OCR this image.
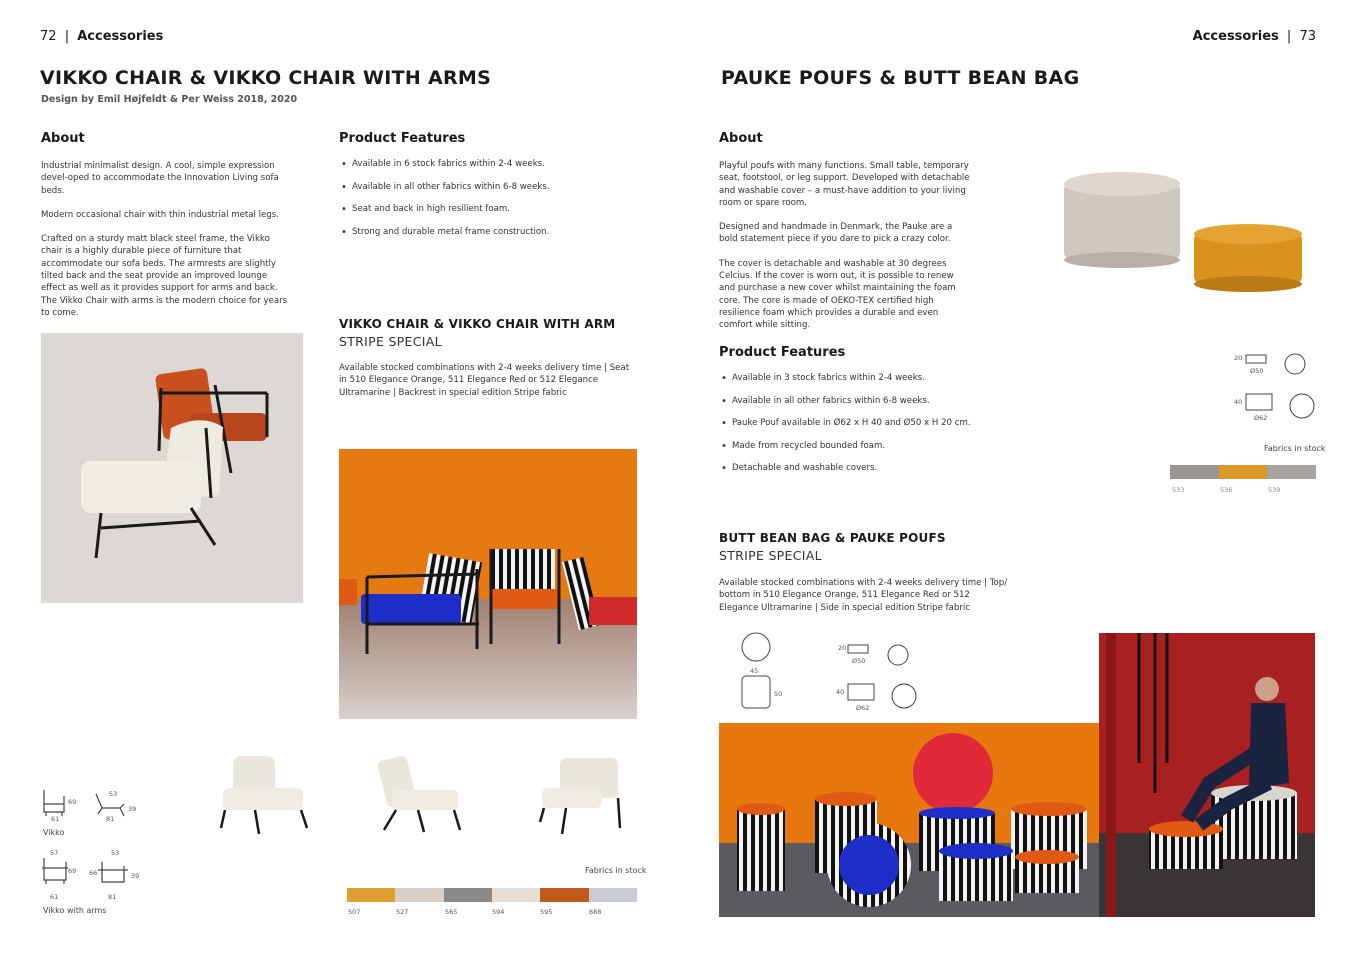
72 | Accessories
VIKKO CHAIR & VIKKO CHAIR WITH ARMS
Design by Emil Højfeldt & Per Weiss 2018, 2020
About

Industrial minimalist design. A cool, simple expression devel-oped to accommodate the Innovation Living sofa beds.

Modern occasional chair with thin industrial metal legs.

Crafted on a sturdy matt black steel frame, the Vikko chair is a highly durable piece of furniture that accommodate our sofa beds. The armrests are slightly tilted back and the seat provide an improved lounge effect as well as it provides support for arms and back. The Vikko Chair with arms is the modern choice for years to come.

Product Features
• Available in 6 stock fabrics within 2-4 weeks.
• Available in all other fabrics within 6-8 weeks.
• Seat and back in high resilient foam.
• Strong and durable metal frame construction.
VIKKO CHAIR & VIKKO CHAIR WITH ARM
STRIPE SPECIAL
Available stocked combinations with 2-4 weeks delivery time | Seat in 510 Elegance Orange, 511 Elegance Red or 512 Elegance Ultramarine | Backrest in special edition Stripe fabric
69
61
53
39
81
Vikko
57
69
61
53
66	39
81
Vikko with arms
Fabrics in stock
507	527	565	594	595	688
Accessories | 73
PAUKE POUFS & BUTT BEAN BAG
About

Playful poufs with many functions. Small table, temporary seat, footstool, or leg support. Developed with detachable and washable cover – a must-have addition to your living room or spare room.

Designed and handmade in Denmark, the Pauke are a bold statement piece if you dare to pick a crazy color.

The cover is detachable and washable at 30 degrees Celcius. If the cover is worn out, it is possible to renew and purchase a new cover whilst maintaining the foam core. The core is made of OEKO-TEX certified high resilience foam which provides a durable and even comfort while sitting.

Product Features
• Available in 3 stock fabrics within 2-4 weeks.
• Available in all other fabrics within 6-8 weeks.
• Pauke Pouf available in Ø62 x H 40 and Ø50 x H 20 cm.
• Made from recycled bounded foam.
• Detachable and washable covers.
20
Ø50
40
Ø62
Fabrics in stock
533	536	539
BUTT BEAN BAG & PAUKE POUFS
STRIPE SPECIAL
Available stocked combinations with 2-4 weeks delivery time | Top/ bottom in 510 Elegance Orange, 511 Elegance Red or 512 Elegance Ultramarine | Side in special edition Stripe fabric
45
50
20
Ø50
40
Ø62
